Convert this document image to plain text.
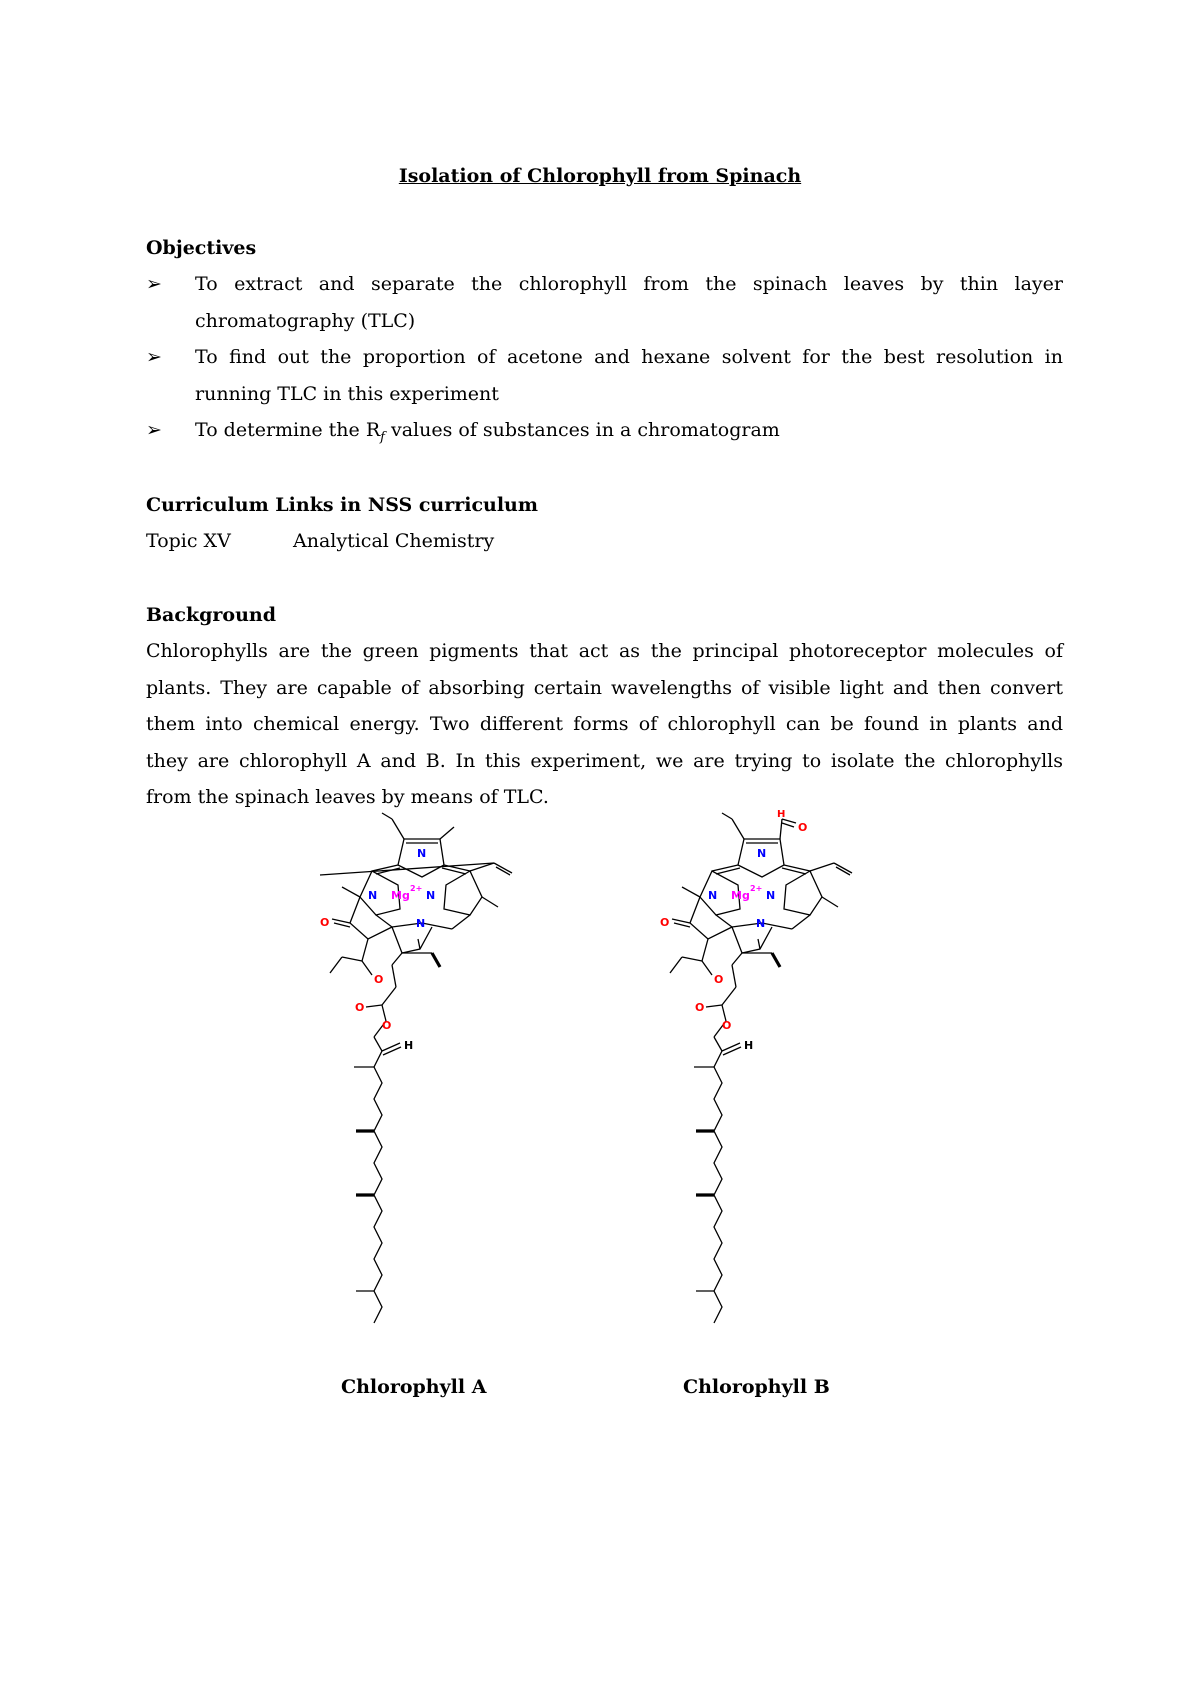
Isolation of Chlorophyll from Spinach
Objectives
➢ To extract and separate the chlorophyll from the spinach leaves by thin layer
chromatography (TLC)
➢ To find out the proportion of acetone and hexane solvent for the best resolution in
running TLC in this experiment
➢ To determine the $R_f$ values of substances in a chromatogram
Curriculum Links in NSS curriculum
Topic XV	Analytical Chemistry
Background
Chlorophylls are the green pigments that act as the principal photoreceptor molecules of
plants. They are capable of absorbing certain wavelengths of visible light and then convert
them into chemical energy. Two different forms of chlorophyll can be found in plants and
they are chlorophyll A and B. In this experiment, we are trying to isolate the chlorophylls
from the spinach leaves by means of TLC.
N
N Mg
2+
N
N
O
O
O
O
H
H
O
N
N Mg
2+
N
N
O
O
O
O
H
Chlorophyll A	Chlorophyll B
